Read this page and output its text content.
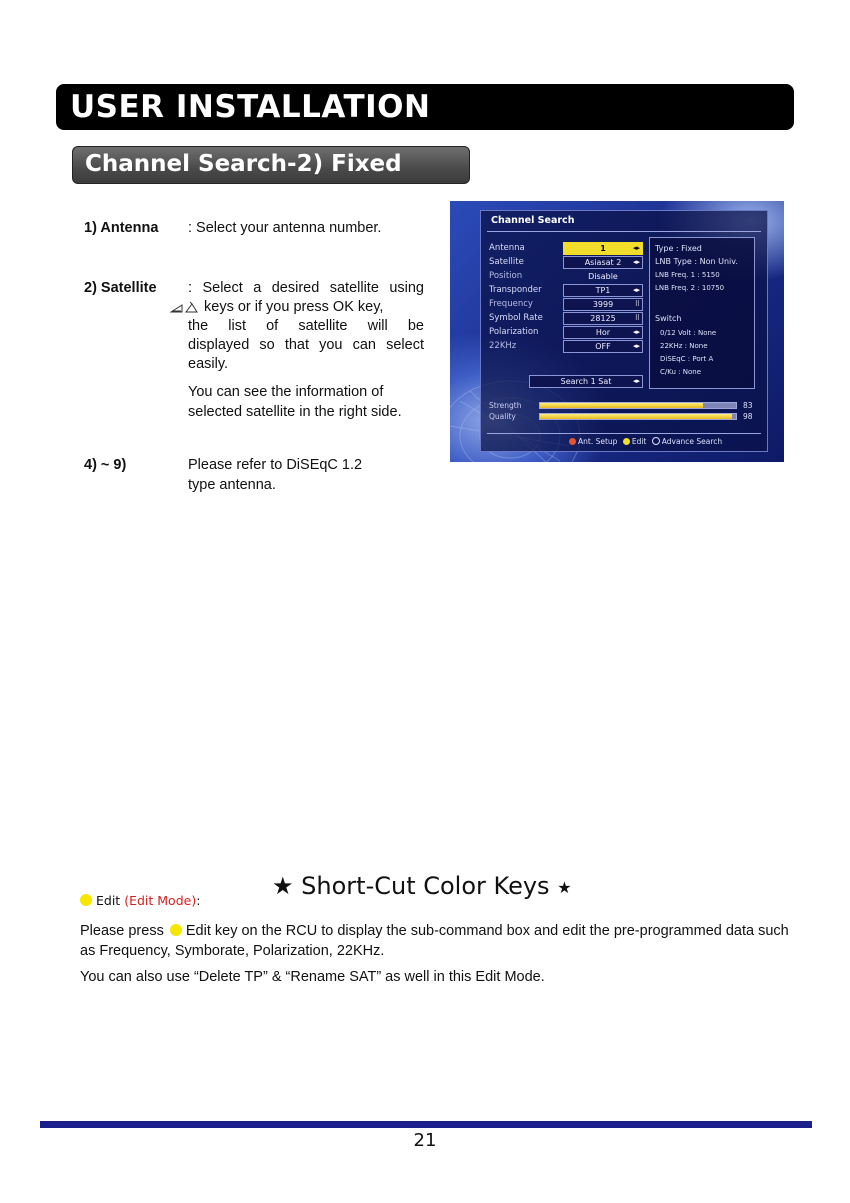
USER INSTALLATION
Channel Search-2) Fixed
1) Antenna : Select your antenna number.
2) Satellite : Select a desired satellite using
keys or if you press OK key,
the list of satellite will be
displayed so that you can select
easily.
You can see the information of selected satellite in the right side.
4) ~ 9)	Please refer to DiSEqC 1.2 type antenna.
Channel Search
Antenna	1	◂▸
Satellite	Asiasat 2 ◂▸
Position	Disable
Transponder	TP1	◂▸
Frequency	3999	⠿
Symbol Rate	28125	⠿
Polarization	Hor	◂▸
22KHz	OFF	◂▸
Search 1 Sat	◂▸
Type : Fixed
LNB Type : Non Univ.
LNB Freq. 1 : 5150
LNB Freq. 2 : 10750
Switch
0/12 Volt : None
22KHz : None
DiSEqC : Port A
C/Ku : None
Strength	83
Quality	98
Ant. Setup Edit Advance Search
Edit (Edit Mode):
★ Short-Cut Color Keys ★
Please press Edit key on the RCU to display the sub-command box and edit the pre-programmed data such as Frequency, Symborate, Polarization, 22KHz.
You can also use “Delete TP” & “Rename SAT” as well in this Edit Mode.
21
